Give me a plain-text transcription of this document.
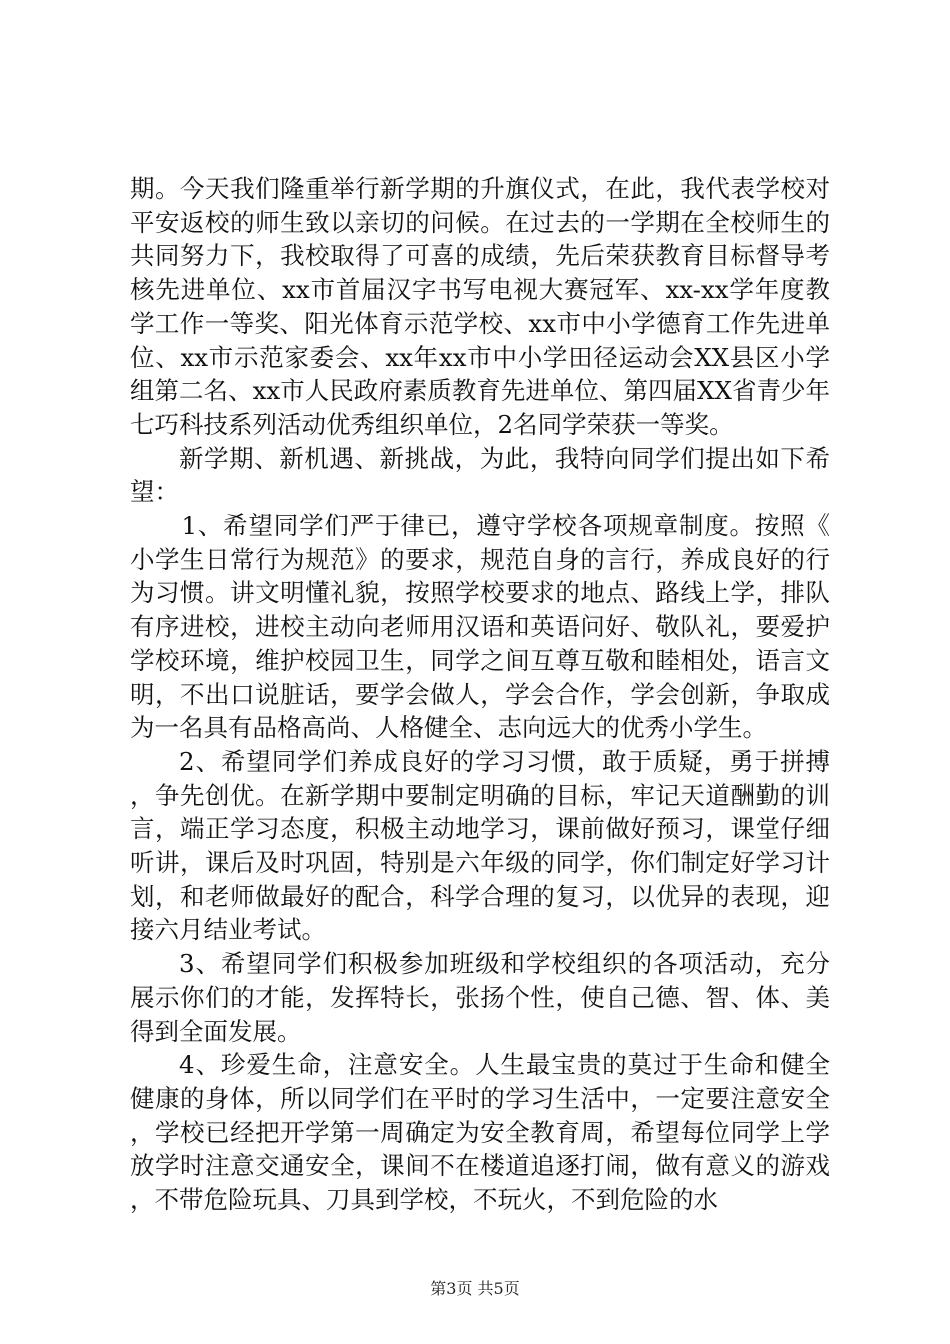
期。今天我们隆重举行新学期的升旗仪式，在此，我代表学校对平安返校的师生致以亲切的问候。在过去的一学期在全校师生的共同努力下，我校取得了可喜的成绩，先后荣获教育目标督导考核先进单位、xx市首届汉字书写电视大赛冠军、xx-xx学年度教学工作一等奖、阳光体育示范学校、xx市中小学德育工作先进单位、xx市示范家委会、xx年xx市中小学田径运动会XX县区小学组第二名、xx市人民政府素质教育先进单位、第四届XX省青少年七巧科技系列活动优秀组织单位，2名同学荣获一等奖。

新学期、新机遇、新挑战，为此，我特向同学们提出如下希望：

1、希望同学们严于律已，遵守学校各项规章制度。按照《小学生日常行为规范》的要求，规范自身的言行，养成良好的行为习惯。讲文明懂礼貌，按照学校要求的地点、路线上学，排队有序进校，进校主动向老师用汉语和英语问好、敬队礼，要爱护学校环境，维护校园卫生，同学之间互尊互敬和睦相处，语言文明，不出口说脏话，要学会做人，学会合作，学会创新，争取成为一名具有品格高尚、人格健全、志向远大的优秀小学生。

2、希望同学们养成良好的学习习惯，敢于质疑，勇于拼搏，争先创优。在新学期中要制定明确的目标，牢记天道酬勤的训言，端正学习态度，积极主动地学习，课前做好预习，课堂仔细听讲，课后及时巩固，特别是六年级的同学，你们制定好学习计划，和老师做最好的配合，科学合理的复习，以优异的表现，迎接六月结业考试。

3、希望同学们积极参加班级和学校组织的各项活动，充分展示你们的才能，发挥特长，张扬个性，使自己德、智、体、美得到全面发展。

4、珍爱生命，注意安全。人生最宝贵的莫过于生命和健全健康的身体，所以同学们在平时的学习生活中，一定要注意安全，学校已经把开学第一周确定为安全教育周，希望每位同学上学放学时注意交通安全，课间不在楼道追逐打闹，做有意义的游戏，不带危险玩具、刀具到学校，不玩火，不到危险的水

第3页 共5页
